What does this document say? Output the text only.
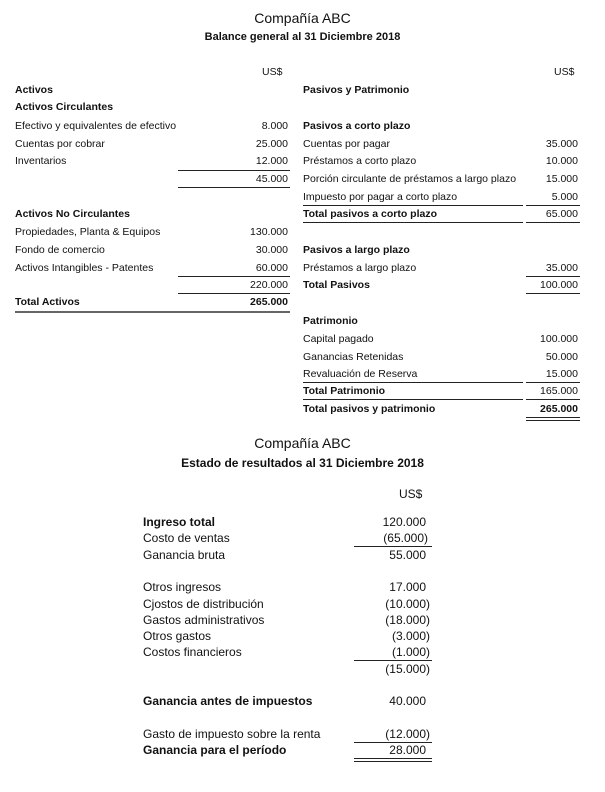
Compañía ABC
Balance general al 31 Diciembre 2018
US$	US$
Activos
Activos Circulantes
Efectivo y equivalentes de efectivo	8.000
Cuentas por cobrar	25.000
Inventarios	12.000
45.000
Activos No Circulantes
Propiedades, Planta & Equipos	130.000
Fondo de comercio	30.000
Activos Intangibles - Patentes	60.000
220.000
Total Activos	265.000
Pasivos y Patrimonio
Pasivos a corto plazo
Cuentas por pagar	35.000
Préstamos a corto plazo	10.000
Porción circulante de préstamos a largo plazo	15.000
Impuesto por pagar a corto plazo	5.000
Total pasivos a corto plazo	65.000
Pasivos a largo plazo
Préstamos a largo plazo	35.000
Total Pasivos	100.000
Patrimonio
Capital pagado	100.000
Ganancias Retenidas	50.000
Revaluación de Reserva	15.000
Total Patrimonio	165.000
Total pasivos y patrimonio	265.000
Compañía ABC
Estado de resultados al 31 Diciembre 2018
US$
Ingreso total	120.000
Costo de ventas	(65.000)
Ganancia bruta	55.000
Otros ingresos	17.000
Cjostos de distribución	(10.000)
Gastos administrativos	(18.000)
Otros gastos	(3.000)
Costos financieros	(1.000)
(15.000)
Ganancia antes de impuestos	40.000
Gasto de impuesto sobre la renta	(12.000)
Ganancia para el período	28.000
